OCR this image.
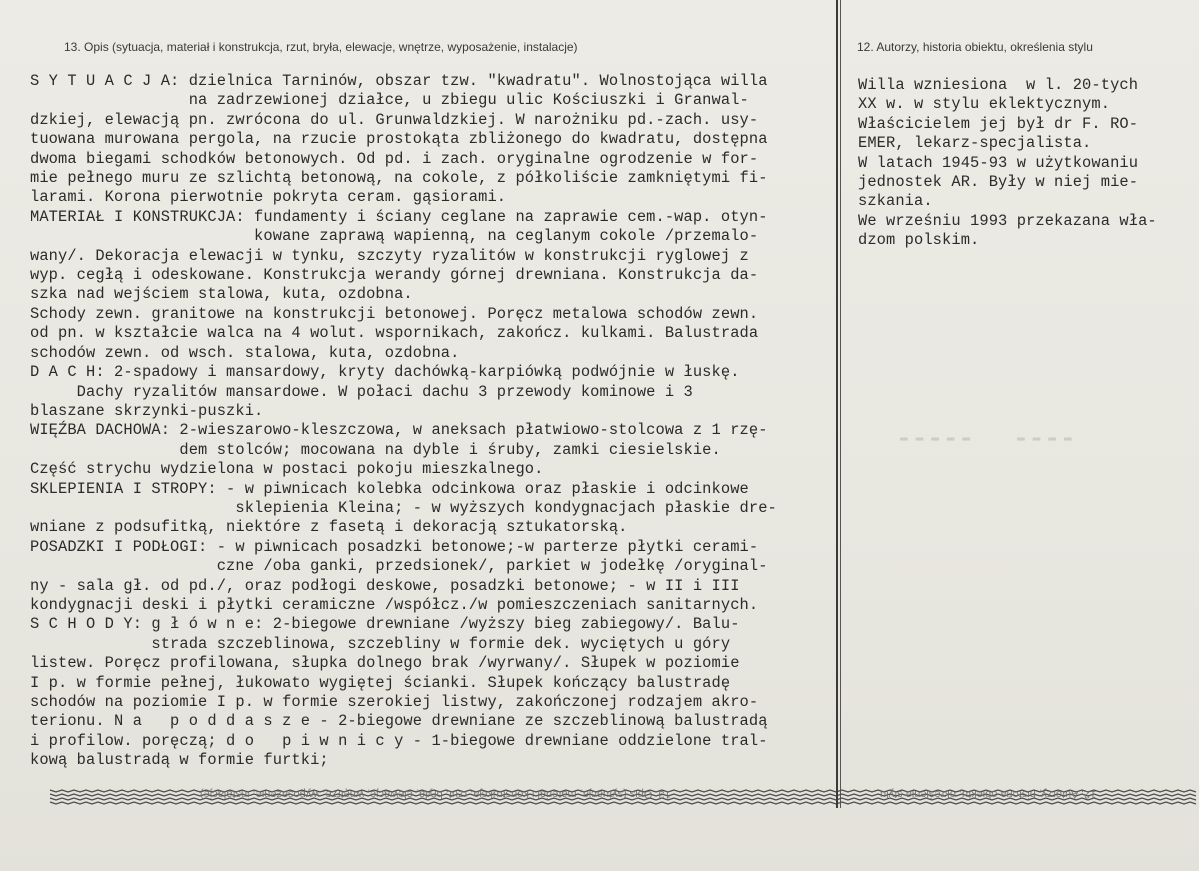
13. Opis (sytuacja, materiał i konstrukcja, rzut, bryła, elewacje, wnętrze, wyposażenie, instalacje)	12. Autorzy, historia obiektu, określenia stylu
S Y T U A C J A: dzielnica Tarninów, obszar tzw. "kwadratu". Wolnostojąca willa
na zadrzewionej działce, u zbiegu ulic Kościuszki i Granwal-
dzkiej, elewacją pn. zwrócona do ul. Grunwaldzkiej. W narożniku pd.-zach. usy-
tuowana murowana pergola, na rzucie prostokąta zbliżonego do kwadratu, dostępna
dwoma biegami schodków betonowych. Od pd. i zach. oryginalne ogrodzenie w for-
mie pełnego muru ze szlichtą betonową, na cokole, z półkoliście zamkniętymi fi-
larami. Korona pierwotnie pokryta ceram. gąsiorami.
MATERIAŁ I KONSTRUKCJA: fundamenty i ściany ceglane na zaprawie cem.-wap. otyn-
kowane zaprawą wapienną, na ceglanym cokole /przemalo-
wany/. Dekoracja elewacji w tynku, szczyty ryzalitów w konstrukcji ryglowej z
wyp. cegłą i odeskowane. Konstrukcja werandy górnej drewniana. Konstrukcja da-
szka nad wejściem stalowa, kuta, ozdobna.
Schody zewn. granitowe na konstrukcji betonowej. Poręcz metalowa schodów zewn.
od pn. w kształcie walca na 4 wolut. wspornikach, zakończ. kulkami. Balustrada
schodów zewn. od wsch. stalowa, kuta, ozdobna.
D A C H: 2-spadowy i mansardowy, kryty dachówką-karpiówką podwójnie w łuskę.
Dachy ryzalitów mansardowe. W połaci dachu 3 przewody kominowe i 3
blaszane skrzynki-puszki.
WIĘŹBA DACHOWA: 2-wieszarowo-kleszczowa, w aneksach płatwiowo-stolcowa z 1 rzę-
dem stolców; mocowana na dyble i śruby, zamki ciesielskie.
Część strychu wydzielona w postaci pokoju mieszkalnego.
SKLEPIENIA I STROPY: - w piwnicach kolebka odcinkowa oraz płaskie i odcinkowe
sklepienia Kleina; - w wyższych kondygnacjach płaskie dre-
wniane z podsufitką, niektóre z fasetą i dekoracją sztukatorską.
POSADZKI I PODŁOGI: - w piwnicach posadzki betonowe;-w parterze płytki cerami-
czne /oba ganki, przedsionek/, parkiet w jodełkę /oryginal-
ny - sala gł. od pd./, oraz podłogi deskowe, posadzki betonowe; - w II i III
kondygnacji deski i płytki ceramiczne /współcz./w pomieszczeniach sanitarnych.
S C H O D Y: g ł ó w n e: 2-biegowe drewniane /wyższy bieg zabiegowy/. Balu-
strada szczeblinowa, szczebliny w formie dek. wyciętych u góry
listew. Poręcz profilowana, słupka dolnego brak /wyrwany/. Słupek w poziomie
I p. w formie pełnej, łukowato wygiętej ścianki. Słupek kończący balustradę
schodów na poziomie I p. w formie szerokiej listwy, zakończonej rodzajem akro-
terionu. N a   p o d d a s z e - 2-biegowe drewniane ze szczeblinową balustradą
i profilow. poręczą; d o   p i w n i c y - 1-biegowe drewniane oddzielone tral-
kową balustradą w formie furtki;
Willa wzniesiona  w l. 20-tych
XX w. w stylu eklektycznym.
Właścicielem jej był dr F. RO-
EMER, lekarz-specjalista.
W latach 1945-93 w użytkowaniu
jednostek AR. Były w niej mie-
szkania.
We wrześniu 1993 przekazana wła-
dzom polskim.
▬ ▬ ▬ ▬ ▬      ▬ ▬ ▬ ▬
13. Opis (sytuacja, materiał i konstrukcja, rzut, bryła, elewacje, wnętrze, wyposażenie, instalacje)	12. Autorzy, historia obiektu, określenia stylu
